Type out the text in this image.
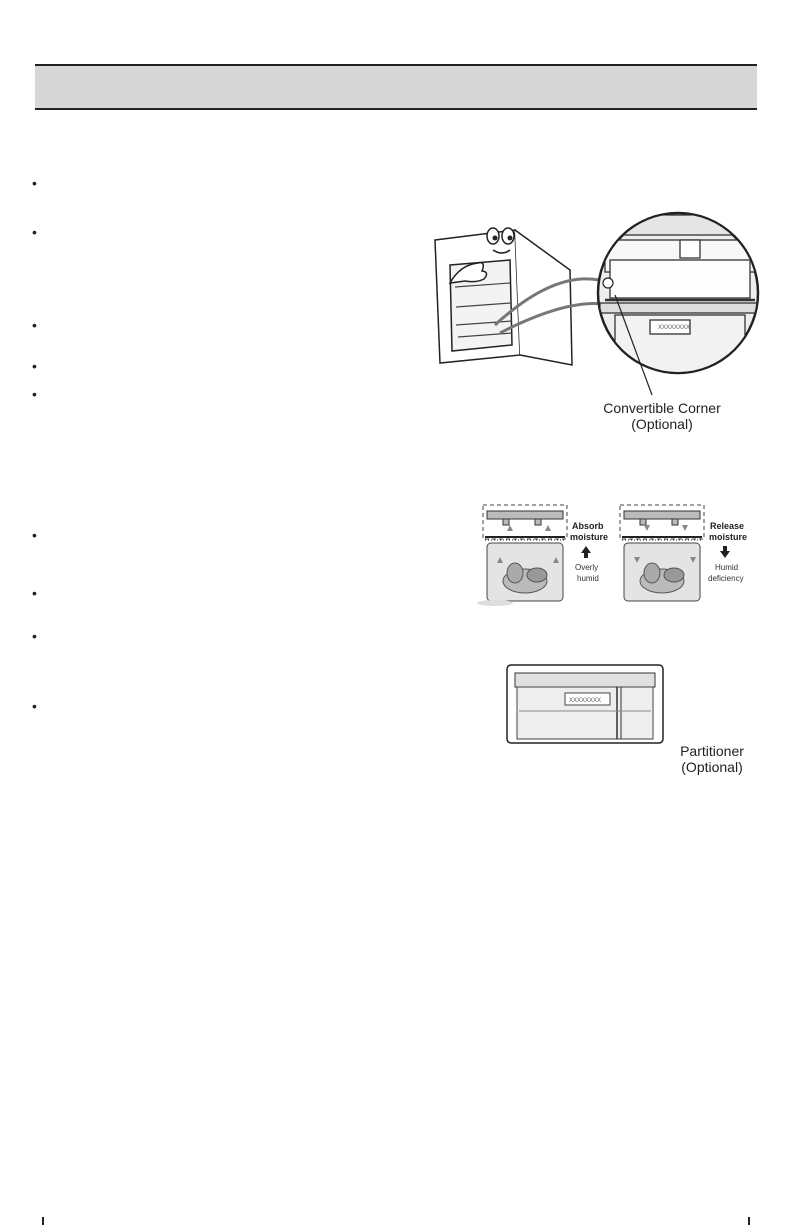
•
•
•
•
•
•
•
•
•
XXXXXXXX
Convertible Corner
(Optional)
Absorb
moisture
Overly
humid
Release
moisture
Humid
deficiency
XXXXXXXX
Partitioner
(Optional)
